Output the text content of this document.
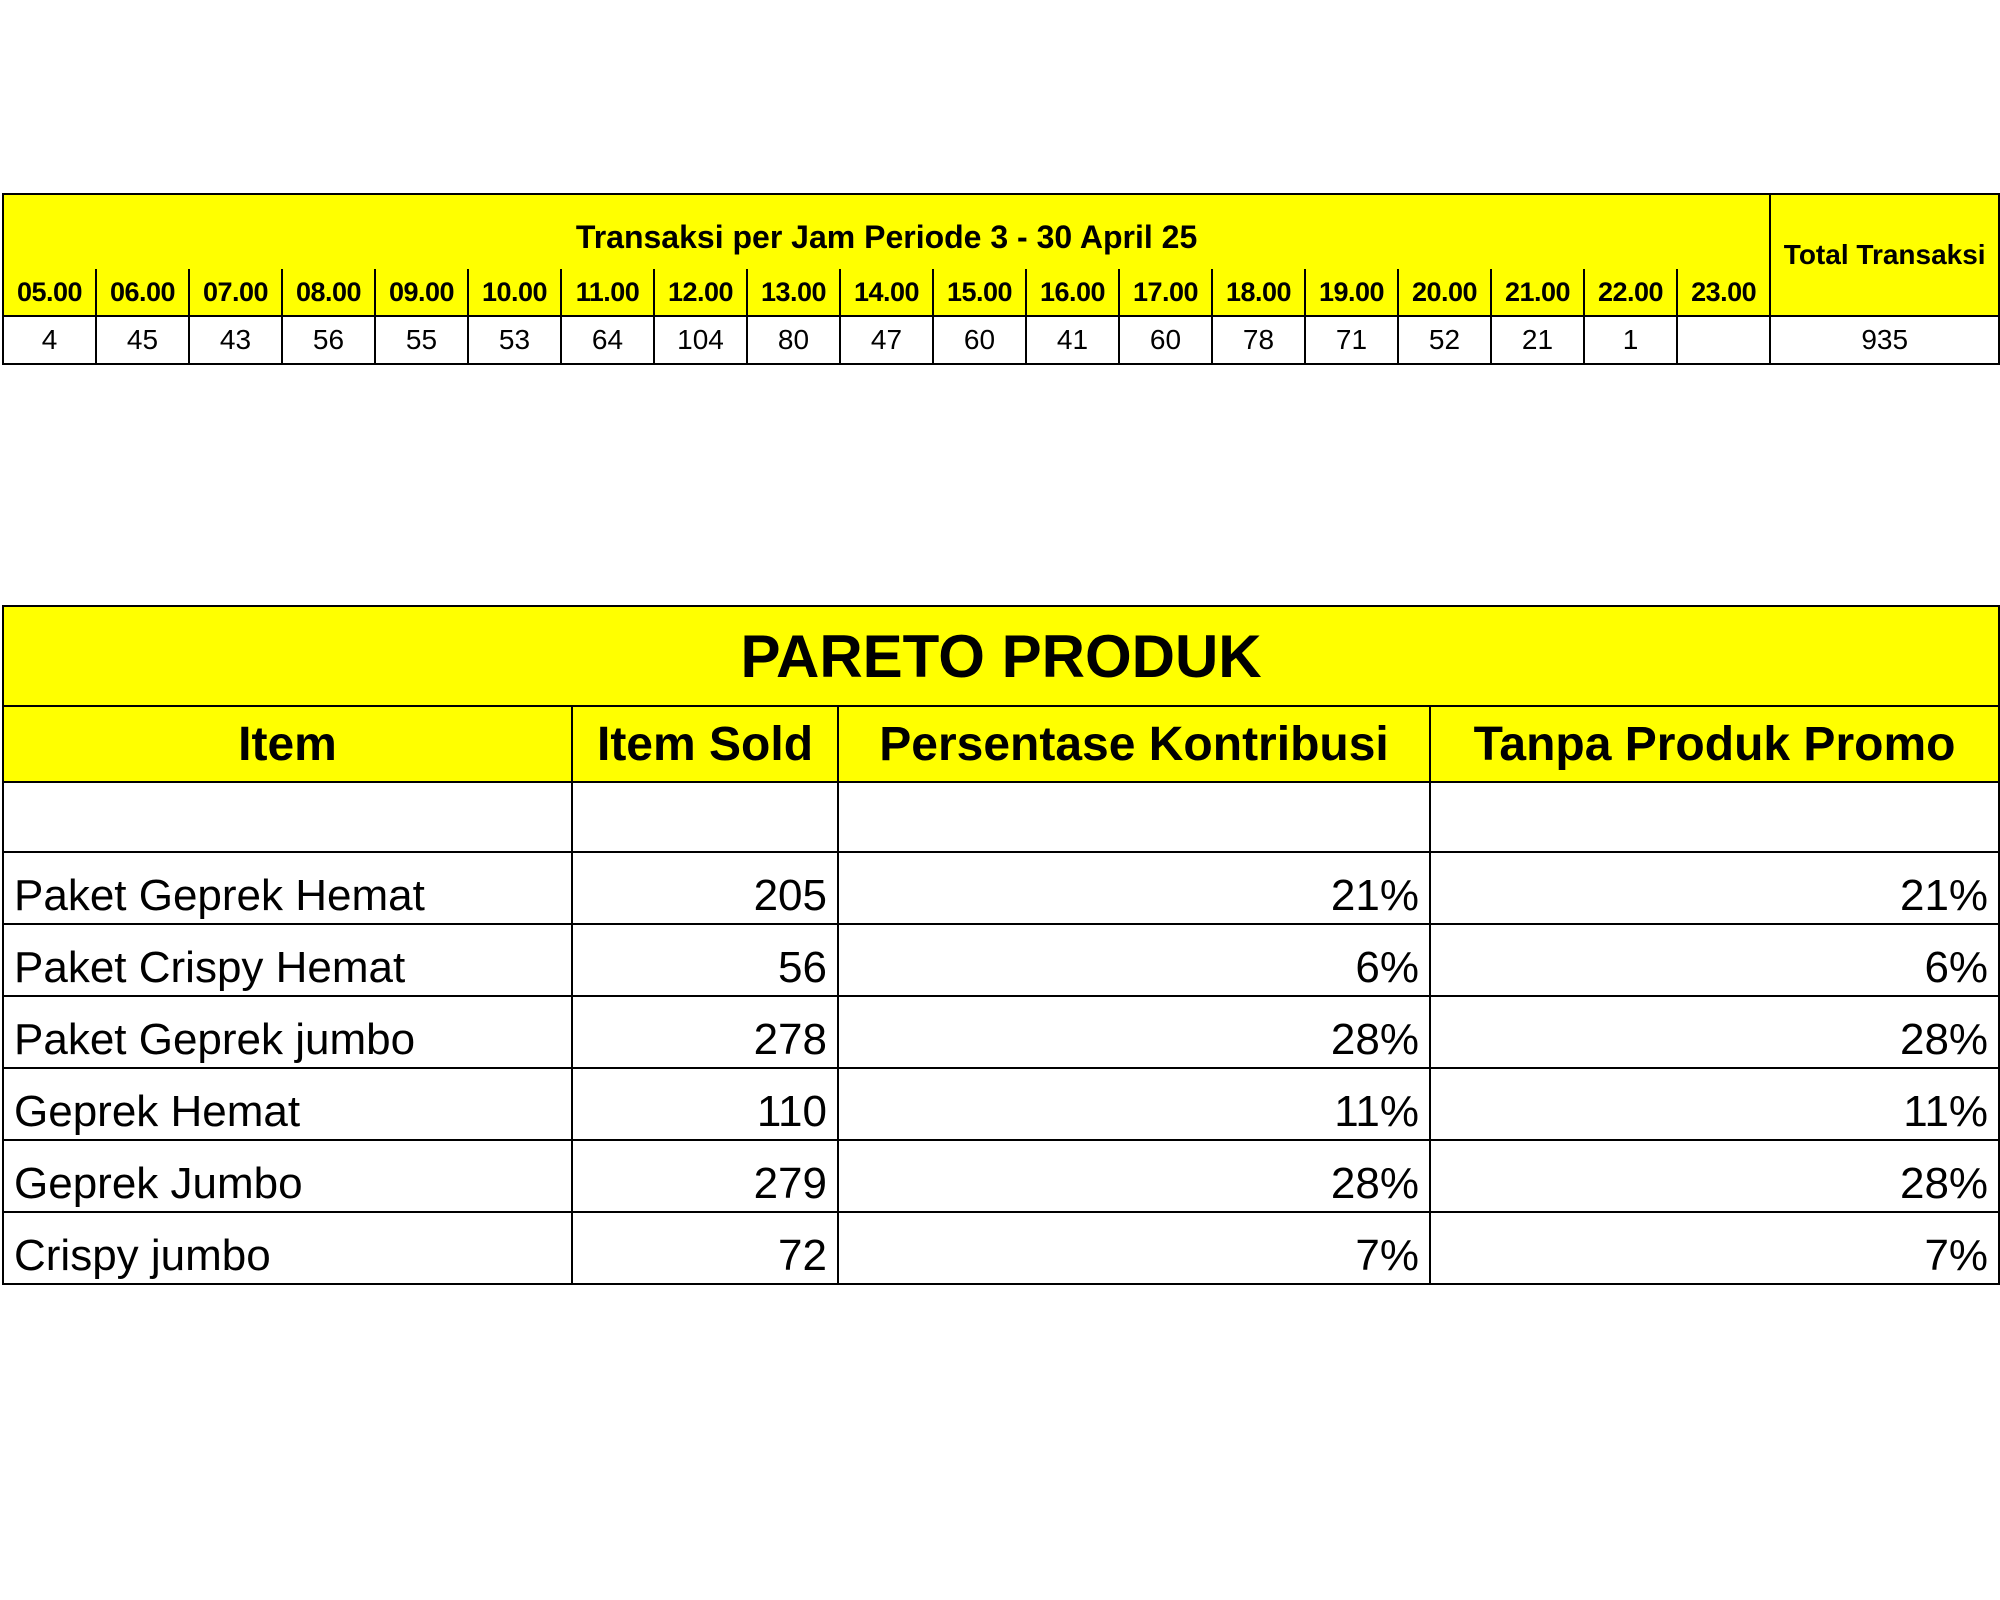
Transaksi per Jam Periode 3 - 30 April 25																			Total Transaksi
05.00	06.00	07.00	08.00	09.00	10.00	11.00	12.00	13.00	14.00	15.00	16.00	17.00	18.00	19.00	20.00	21.00	22.00	23.00	
4	45	43	56	55	53	64	104	80	47	60	41	60	78	71	52	21	1		935
PARETO PRODUK			
Item	Item Sold	Persentase Kontribusi	Tanpa Produk Promo

Paket Geprek Hemat	205	21%	21%
Paket Crispy Hemat	56	6%	6%
Paket Geprek jumbo	278	28%	28%
Geprek Hemat	110	11%	11%
Geprek Jumbo	279	28%	28%
Crispy jumbo	72	7%	7%
